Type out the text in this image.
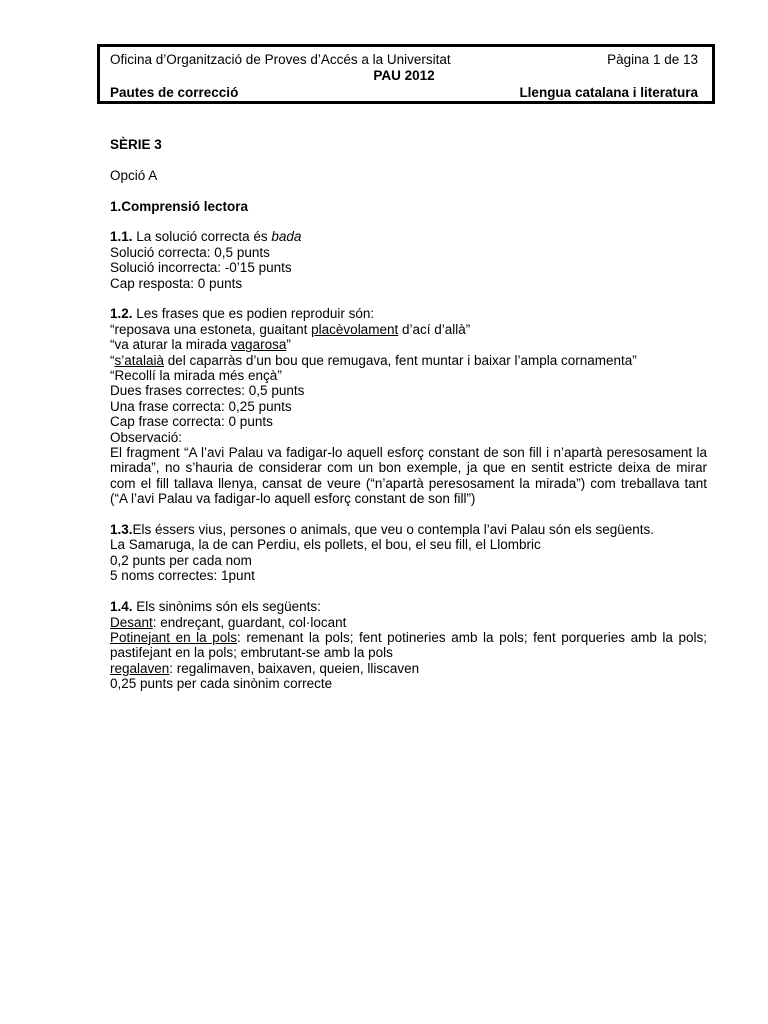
Oficina d’Organització de Proves d’Accés a la Universitat	Pàgina 1 de 13
PAU 2012
Pautes de correcció	Llengua catalana i literatura

SÈRIE 3

Opció A

1.Comprensió lectora

1.1. La solució correcta és bada

Solució correcta: 0,5 punts

Solució incorrecta: -0’15 punts

Cap resposta: 0 punts

1.2. Les frases que es podien reproduir són:

“reposava una estoneta, guaitant placèvolament d’ací d’allà”

“va aturar la mirada vagarosa”

“s’atalaià del caparràs d’un bou que remugava, fent muntar i baixar l’ampla cornamenta”

“Recollí la mirada més ençà”

Dues frases correctes: 0,5 punts

Una frase correcta: 0,25 punts

Cap frase correcta: 0 punts

Observació:

El fragment “A l’avi Palau va fadigar-lo aquell esforç constant de son fill i n’apartà peresosament la mirada”, no s’hauria de considerar com un bon exemple, ja que en sentit estricte deixa de mirar com el fill tallava llenya, cansat de veure (“n’apartà peresosament la mirada”) com treballava tant (“A l’avi Palau va fadigar-lo aquell esforç constant de son fill”)

1.3.Els éssers vius, persones o animals, que veu o contempla l’avi Palau són els següents.

La Samaruga, la de can Perdiu, els pollets, el bou, el seu fill, el Llombric

0,2 punts per cada nom

5 noms correctes: 1punt

1.4. Els sinònims són els següents:

Desant: endreçant, guardant, col·locant

Potinejant en la pols: remenant la pols; fent potineries amb la pols; fent porqueries amb la pols; pastifejant en la pols; embrutant-se amb la pols

regalaven: regalimaven, baixaven, queien, lliscaven

0,25 punts per cada sinònim correcte
